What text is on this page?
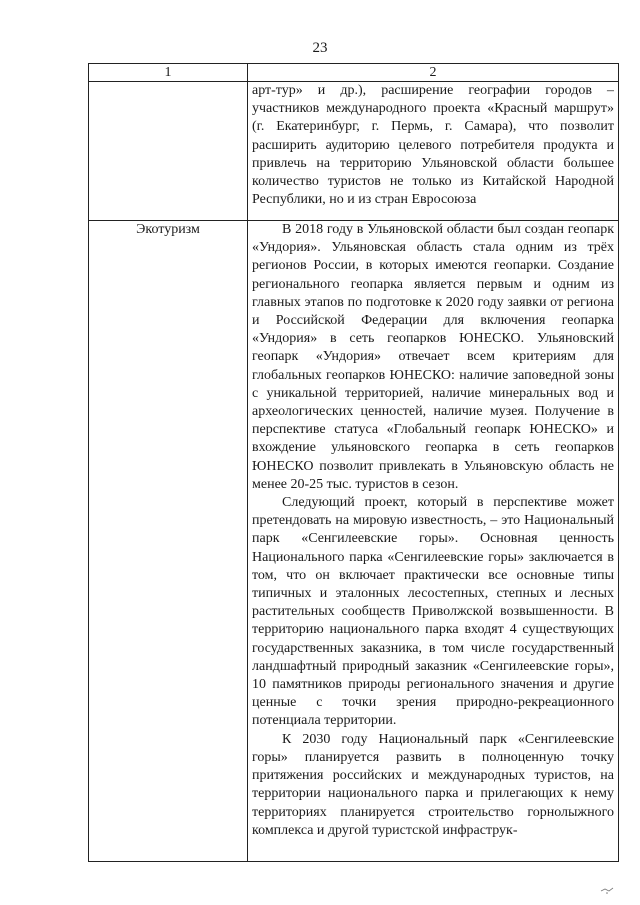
23
1	2

	арт-тур» и др.), расширение географии городов – участников международного проекта «Красный маршрут» (г. Екатеринбург, г. Пермь, г. Самара), что позволит расширить аудиторию целевого потребителя продукта и привлечь на территорию Ульяновской области большее количество туристов не только из Китайской Народной Республики, но и из стран Евросоюза

Экотуризм	В 2018 году в Ульяновской области был создан геопарк «Ундория». Ульяновская область стала одним из трёх регионов России, в которых имеются геопарки. Создание регионального геопарка является первым и одним из главных этапов по подготовке к 2020 году заявки от региона и Российской Федерации для включения геопарка «Ундория» в сеть геопарков ЮНЕСКО. Ульяновский геопарк «Ундория» отвечает всем критериям для глобальных геопарков ЮНЕСКО: наличие заповедной зоны с уникальной территорией, наличие минеральных вод и археологических ценностей, наличие музея. Получение в перспективе статуса «Глобальный геопарк ЮНЕСКО» и вхождение ульяновского геопарка в сеть геопарков ЮНЕСКО позволит привлекать в Ульяновскую область не менее 20-25 тыс. туристов в сезон.

Следующий проект, который в перспективе может претендовать на мировую известность, – это Национальный парк «Сенгилеевские горы». Основная ценность Национального парка «Сенгилеевские горы» заключается в том, что он включает практически все основные типы типичных и эталонных лесостепных, степных и лесных растительных сообществ Приволжской возвышенности. В территорию национального парка входят 4 существующих государственных заказника, в том числе государственный ландшафтный природный заказник «Сенгилеевские горы», 10 памятников природы регионального значения и другие ценные с точки зрения природно-рекреационного потенциала территории.

К 2030 году Национальный парк «Сенгилеевские горы» планируется развить в полноценную точку притяжения российских и международных туристов, на территории национального парка и прилегающих к нему территориях планируется строительство горнолыжного комплекса и другой туристской инфраструк-
